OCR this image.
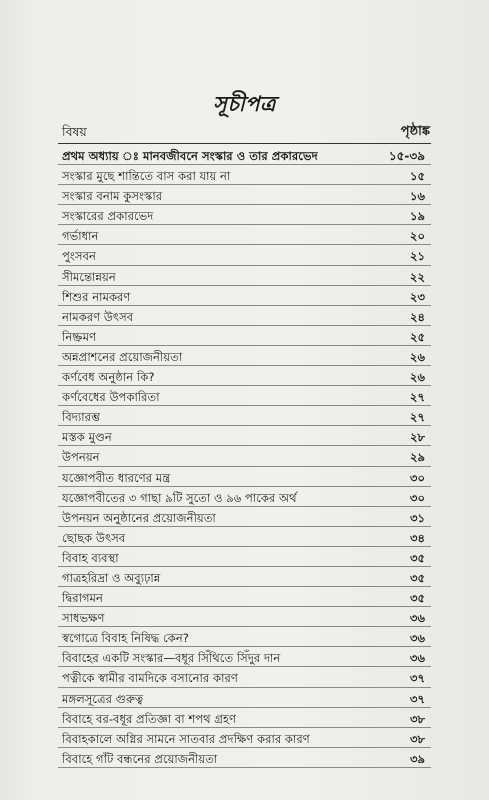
সূচীপত্র
বিষয়	পৃষ্ঠাঙ্ক
প্রথম অধ্যায় ঃ মানবজীবনে সংস্কার ও তার প্রকারভেদ	১৫-৩৯
সংস্কার মুছে শান্তিতে বাস করা যায় না	১৫
সংস্কার বনাম কুসংস্কার	১৬
সংস্কারের প্রকারভেদ	১৯
গর্ভাধান	২০
পুংসবন	২১
সীমন্তোন্নয়ন	২২
শিশুর নামকরণ	২৩
নামকরণ উৎসব	২৪
নিষ্ক্রমণ	২৫
অন্নপ্রাশনের প্রয়োজনীয়তা	২৬
কর্ণবেধ অনুষ্ঠান কি?	২৬
কর্ণবেধের উপকারিতা	২৭
বিদ্যারম্ভ	২৭
মস্তক মুণ্ডন	২৮
উপনয়ন	২৯
যজ্ঞোপবীত ধারণের মন্ত্র	৩০
যজ্ঞোপবীতের ৩ গাছা ৯টি সুতো ও ৯৬ পাকের অর্থ	৩০
উপনয়ন অনুষ্ঠানের প্রয়োজনীয়তা	৩১
ছোছক উৎসব	৩৪
বিবাহ ব্যবস্থা	৩৫
গাত্রহরিদ্রা ও অব্যুঢ়ান্ন	৩৫
দ্বিরাগমন	৩৫
সাধভক্ষণ	৩৬
স্বগোত্রে বিবাহ নিষিদ্ধ কেন?	৩৬
বিবাহের একটি সংস্কার—বধূর সিঁথিতে সিঁদুর দান	৩৬
পত্নীকে স্বামীর বামদিকে বসানোর কারণ	৩৭
মঙ্গলসূত্রের গুরুত্ব	৩৭
বিবাহে বর-বধূর প্রতিজ্ঞা বা শপথ গ্রহণ	৩৮
বিবাহকালে অগ্নির সামনে সাতবার প্রদক্ষিণ করার কারণ	৩৮
বিবাহে গাঁট বন্ধনের প্রয়োজনীয়তা	৩৯
